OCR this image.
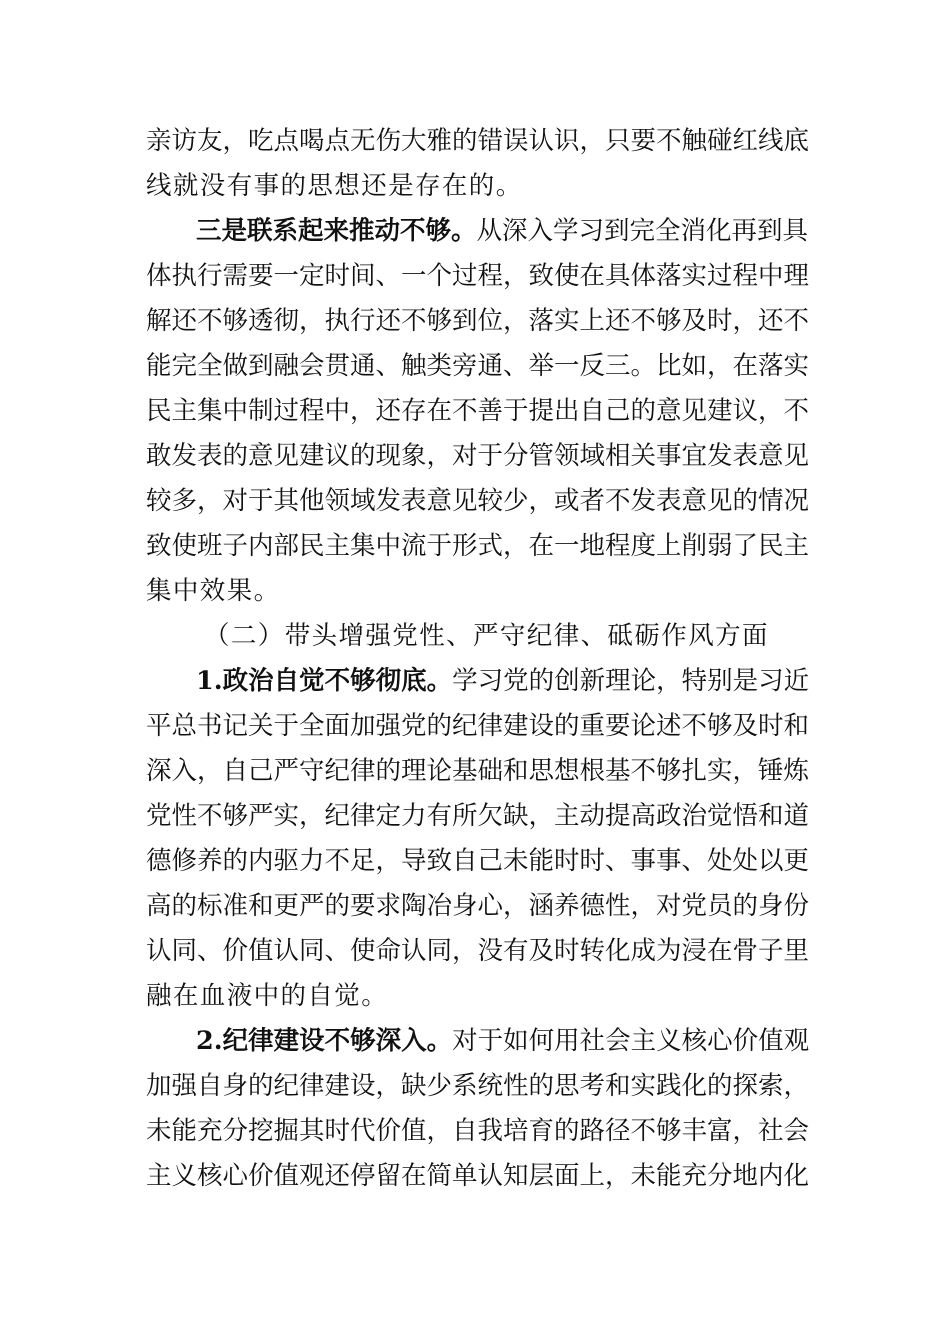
亲访友，吃点喝点无伤大雅的错误认识，只要不触碰红线底
线就没有事的思想还是存在的。
三是联系起来推动不够。从深入学习到完全消化再到具
体执行需要一定时间、一个过程，致使在具体落实过程中理
解还不够透彻，执行还不够到位，落实上还不够及时，还不
能完全做到融会贯通、触类旁通、举一反三。比如，在落实
民主集中制过程中，还存在不善于提出自己的意见建议，不
敢发表的意见建议的现象，对于分管领域相关事宜发表意见
较多，对于其他领域发表意见较少，或者不发表意见的情况
致使班子内部民主集中流于形式，在一地程度上削弱了民主
集中效果。
（二）带头增强党性、严守纪律、砥砺作风方面
1.政治自觉不够彻底。学习党的创新理论，特别是习近
平总书记关于全面加强党的纪律建设的重要论述不够及时和
深入，自己严守纪律的理论基础和思想根基不够扎实，锤炼
党性不够严实，纪律定力有所欠缺，主动提高政治觉悟和道
德修养的内驱力不足，导致自己未能时时、事事、处处以更
高的标准和更严的要求陶冶身心，涵养德性，对党员的身份
认同、价值认同、使命认同，没有及时转化成为浸在骨子里
融在血液中的自觉。
2.纪律建设不够深入。对于如何用社会主义核心价值观
加强自身的纪律建设，缺少系统性的思考和实践化的探索，
未能充分挖掘其时代价值，自我培育的路径不够丰富，社会
主义核心价值观还停留在简单认知层面上，未能充分地内化
